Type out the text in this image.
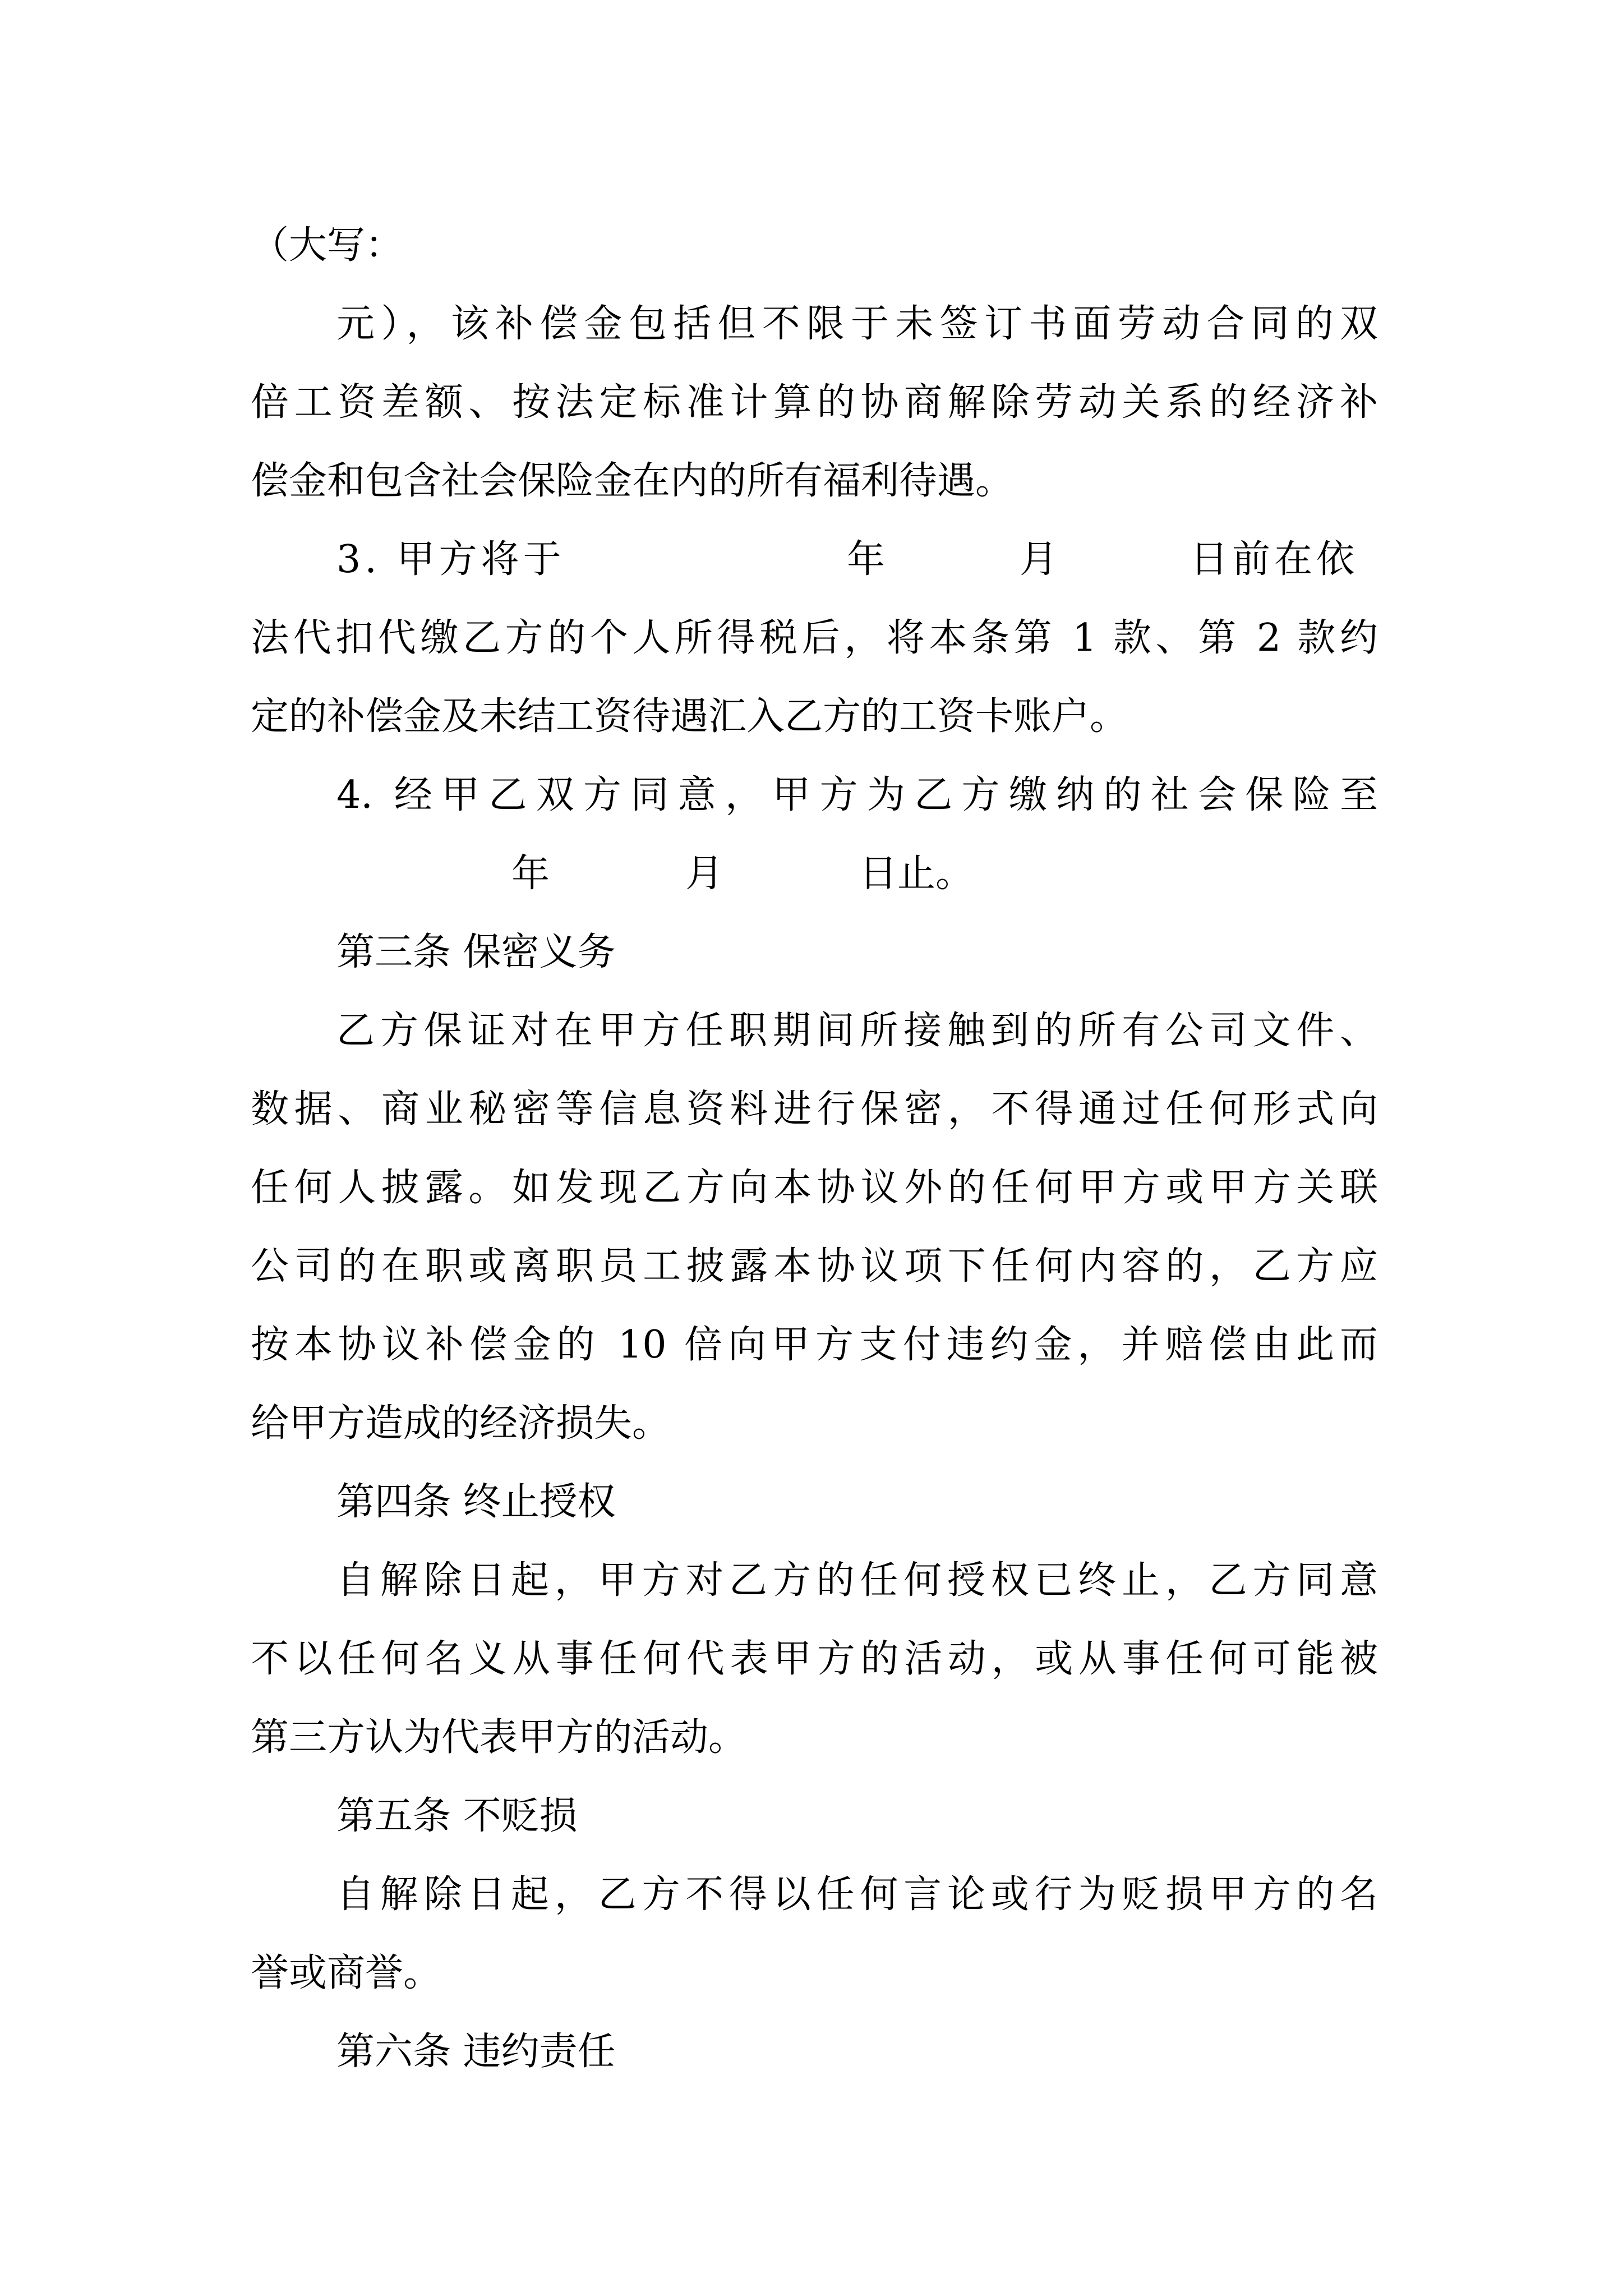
（大写：
元），该补偿金包括但不限于未签订书面劳动合同的双
倍工资差额、按法定标准计算的协商解除劳动关系的经济补
偿金和包含社会保险金在内的所有福利待遇。
3. 甲方将于	年	月	日前在依
法代扣代缴乙方的个人所得税后，将本条第 1 款、第 2 款约
定的补偿金及未结工资待遇汇入乙方的工资卡账户。
4. 经甲乙双方同意，甲方为乙方缴纳的社会保险至
年	月	日止。
第三条 保密义务
乙方保证对在甲方任职期间所接触到的所有公司文件、
数据、商业秘密等信息资料进行保密，不得通过任何形式向
任何人披露。如发现乙方向本协议外的任何甲方或甲方关联
公司的在职或离职员工披露本协议项下任何内容的，乙方应
按本协议补偿金的 10 倍向甲方支付违约金，并赔偿由此而
给甲方造成的经济损失。
第四条 终止授权
自解除日起，甲方对乙方的任何授权已终止，乙方同意
不以任何名义从事任何代表甲方的活动，或从事任何可能被
第三方认为代表甲方的活动。
第五条 不贬损
自解除日起，乙方不得以任何言论或行为贬损甲方的名
誉或商誉。
第六条 违约责任
